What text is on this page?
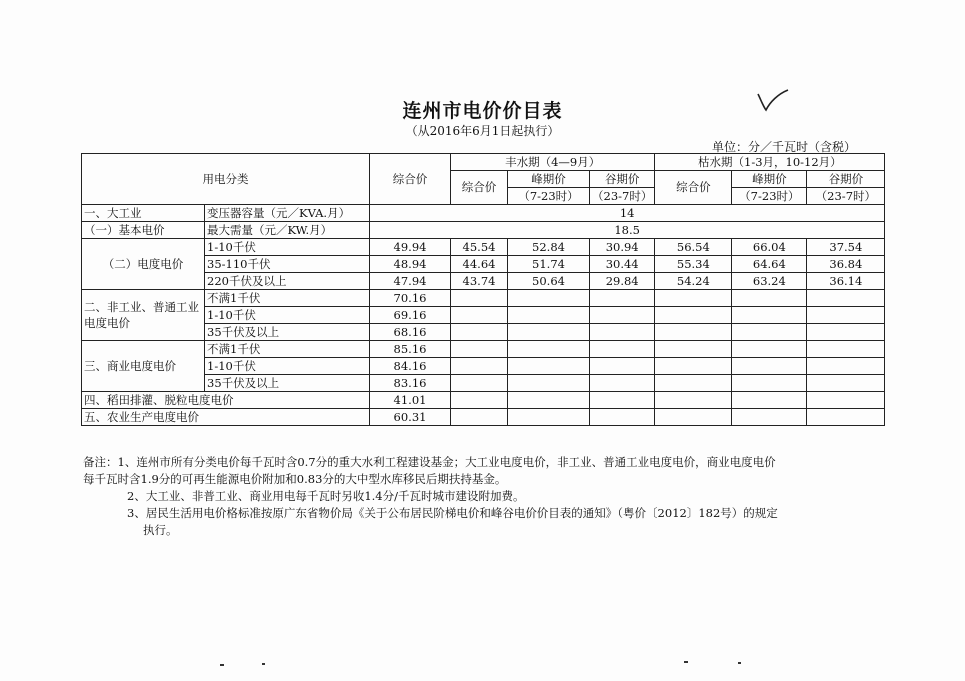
连州市电价价目表
（从2016年6月1日起执行）
单位：分／千瓦时（含税）
用电分类		综合价	丰水期（4—9月）			枯水期（1-3月，10-12月）		
			综合价	峰期价	谷期价	综合价	峰期价	谷期价
				（7-23时）	（23-7时）		（7-23时）	（23-7时）
一、大工业	变压器容量（元／KVA.月）	14						
（一）基本电价	最大需量（元／KW.月）	18.5						
（二）电度电价	1-10千伏	49.94	45.54	52.84	30.94	56.54	66.04	37.54
	35-110千伏	48.94	44.64	51.74	30.44	55.34	64.64	36.84
	220千伏及以上	47.94	43.74	50.64	29.84	54.24	63.24	36.14
二、非工业、普通工业电度电价	不满1千伏	70.16						
	1-10千伏	69.16						
	35千伏及以上	68.16						
三、商业电度电价	不满1千伏	85.16						
	1-10千伏	84.16						
	35千伏及以上	83.16						
四、稻田排灌、脱粒电度电价		41.01						
五、农业生产电度电价		60.31						

备注：1、连州市所有分类电价每千瓦时含0.7分的重大水利工程建设基金；大工业电度电价，非工业、普通工业电度电价，商业电度电价

每千瓦时含1.9分的可再生能源电价附加和0.83分的大中型水库移民后期扶持基金。

2、大工业、非普工业、商业用电每千瓦时另收1.4分/千瓦时城市建设附加费。

3、居民生活用电价格标准按原广东省物价局《关于公布居民阶梯电价和峰谷电价价目表的通知》（粤价〔2012〕182号）的规定

执行。
